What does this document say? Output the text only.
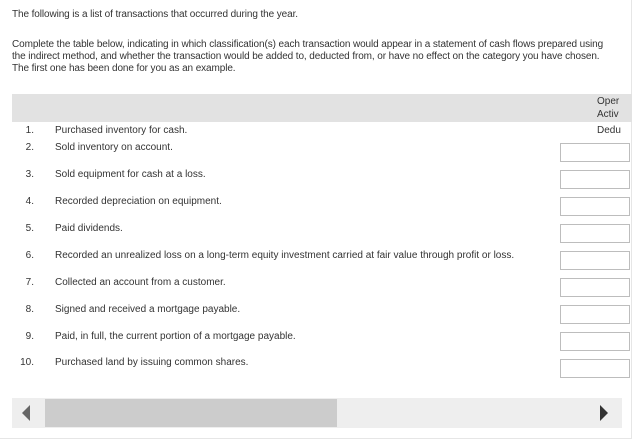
The following is a list of transactions that occurred during the year.
Complete the table below, indicating in which classification(s) each transaction would appear in a statement of cash flows prepared using the indirect method, and whether the transaction would be added to, deducted from, or have no effect on the category you have chosen. The first one has been done for you as an example.
Oper
Activ
Dedu
1. Purchased inventory for cash.
2. Sold inventory on account.
3. Sold equipment for cash at a loss.
4. Recorded depreciation on equipment.
5. Paid dividends.
6. Recorded an unrealized loss on a long-term equity investment carried at fair value through profit or loss.
7. Collected an account from a customer.
8. Signed and received a mortgage payable.
9. Paid, in full, the current portion of a mortgage payable.
10. Purchased land by issuing common shares.
